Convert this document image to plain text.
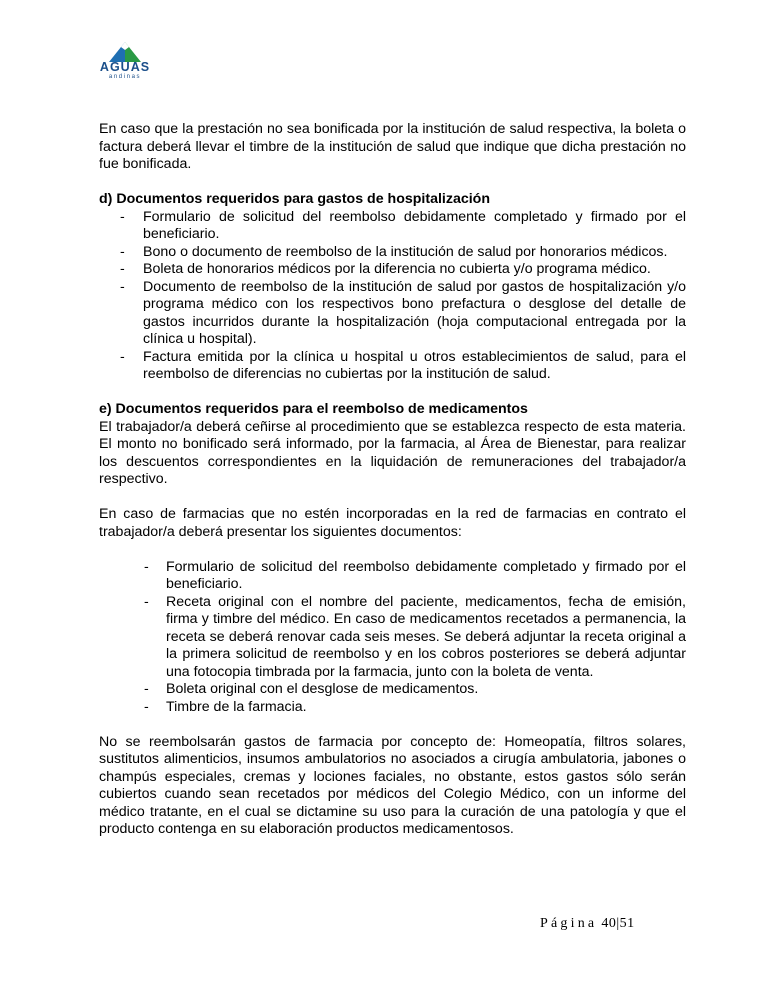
AGUAS
andinas

En caso que la prestación no sea bonificada por la institución de salud respectiva, la boleta o factura deberá llevar el timbre de la institución de salud que indique que dicha prestación no fue bonificada.

d) Documentos requeridos para gastos de hospitalización
- Formulario de solicitud del reembolso debidamente completado y firmado por el beneficiario.
- Bono o documento de reembolso de la institución de salud por honorarios médicos.
- Boleta de honorarios médicos por la diferencia no cubierta y/o programa médico.
- Documento de reembolso de la institución de salud por gastos de hospitalización y/o programa médico con los respectivos bono prefactura o desglose del detalle de gastos incurridos durante la hospitalización (hoja computacional entregada por la clínica u hospital).
- Factura emitida por la clínica u hospital u otros establecimientos de salud, para el reembolso de diferencias no cubiertas por la institución de salud.
e) Documentos requeridos para el reembolso de medicamentos

El trabajador/a deberá ceñirse al procedimiento que se establezca respecto de esta materia. El monto no bonificado será informado, por la farmacia, al Área de Bienestar, para realizar los descuentos correspondientes en la liquidación de remuneraciones del trabajador/a respectivo.

En caso de farmacias que no estén incorporadas en la red de farmacias en contrato el trabajador/a deberá presentar los siguientes documentos:

- Formulario de solicitud del reembolso debidamente completado y firmado por el beneficiario.
- Receta original con el nombre del paciente, medicamentos, fecha de emisión, firma y timbre del médico. En caso de medicamentos recetados a permanencia, la receta se deberá renovar cada seis meses. Se deberá adjuntar la receta original a la primera solicitud de reembolso y en los cobros posteriores se deberá adjuntar una fotocopia timbrada por la farmacia, junto con la boleta de venta.
- Boleta original con el desglose de medicamentos.
- Timbre de la farmacia.

No se reembolsarán gastos de farmacia por concepto de: Homeopatía, filtros solares, sustitutos alimenticios, insumos ambulatorios no asociados a cirugía ambulatoria, jabones o champús especiales, cremas y lociones faciales, no obstante, estos gastos sólo serán cubiertos cuando sean recetados por médicos del Colegio Médico, con un informe del médico tratante, en el cual se dictamine su uso para la curación de una patología y que el producto contenga en su elaboración productos medicamentosos.

Página 40|51
